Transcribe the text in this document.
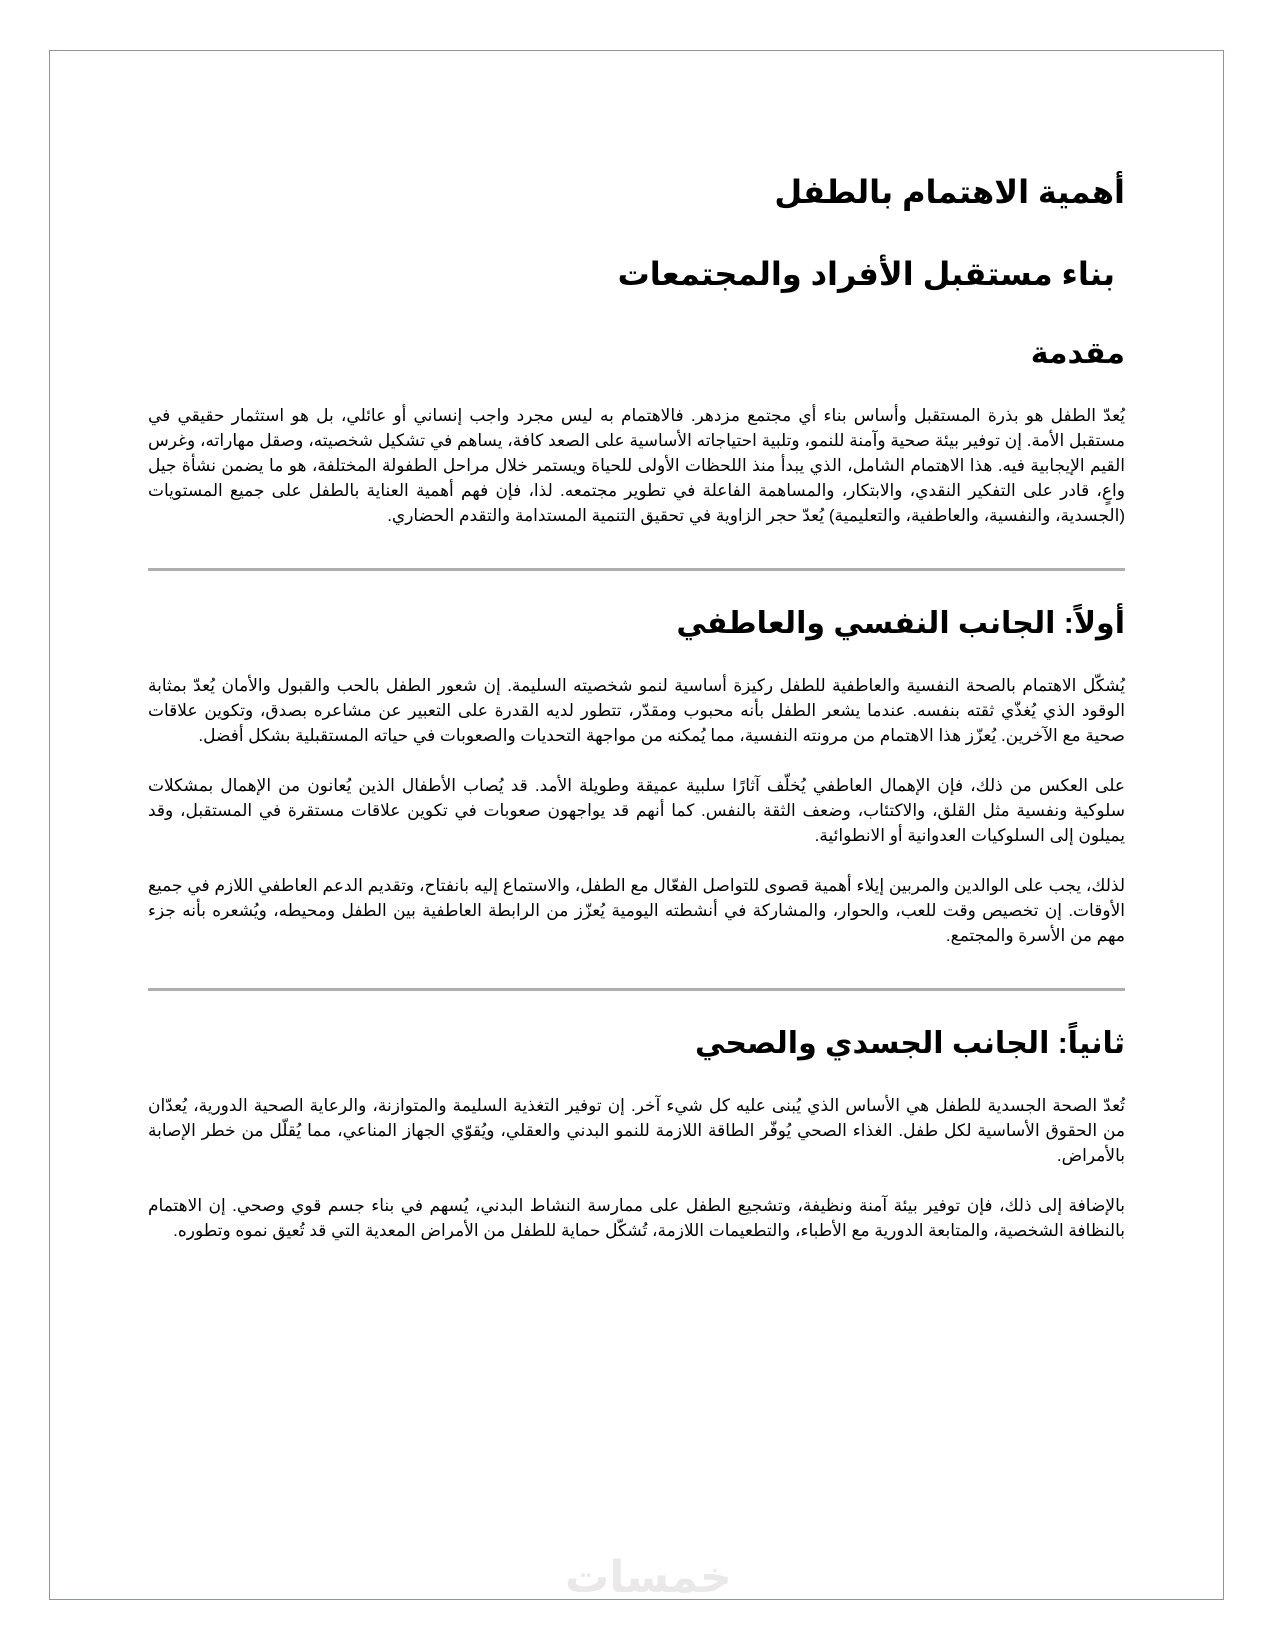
أهمية الاهتمام بالطفل
بناء مستقبل الأفراد والمجتمعات
مقدمة

يُعدّ الطفل هو بذرة المستقبل وأساس بناء أي مجتمع مزدهر. فالاهتمام به ليس مجرد واجب إنساني أو عائلي، بل هو استثمار حقيقي في مستقبل الأمة. إن توفير بيئة صحية وآمنة للنمو، وتلبية احتياجاته الأساسية على الصعد كافة، يساهم في تشكيل شخصيته، وصقل مهاراته، وغرس القيم الإيجابية فيه. هذا الاهتمام الشامل، الذي يبدأ منذ اللحظات الأولى للحياة ويستمر خلال مراحل الطفولة المختلفة، هو ما يضمن نشأة جيل واعٍ، قادر على التفكير النقدي، والابتكار، والمساهمة الفاعلة في تطوير مجتمعه. لذا، فإن فهم أهمية العناية بالطفل على جميع المستويات (الجسدية، والنفسية، والعاطفية، والتعليمية) يُعدّ حجر الزاوية في تحقيق التنمية المستدامة والتقدم الحضاري.

أولاً: الجانب النفسي والعاطفي

يُشكّل الاهتمام بالصحة النفسية والعاطفية للطفل ركيزة أساسية لنمو شخصيته السليمة. إن شعور الطفل بالحب والقبول والأمان يُعدّ بمثابة الوقود الذي يُغذّي ثقته بنفسه. عندما يشعر الطفل بأنه محبوب ومقدّر، تتطور لديه القدرة على التعبير عن مشاعره بصدق، وتكوين علاقات صحية مع الآخرين. يُعزّز هذا الاهتمام من مرونته النفسية، مما يُمكنه من مواجهة التحديات والصعوبات في حياته المستقبلية بشكل أفضل.

على العكس من ذلك، فإن الإهمال العاطفي يُخلّف آثارًا سلبية عميقة وطويلة الأمد. قد يُصاب الأطفال الذين يُعانون من الإهمال بمشكلات سلوكية ونفسية مثل القلق، والاكتئاب، وضعف الثقة بالنفس. كما أنهم قد يواجهون صعوبات في تكوين علاقات مستقرة في المستقبل، وقد يميلون إلى السلوكيات العدوانية أو الانطوائية.

لذلك، يجب على الوالدين والمربين إيلاء أهمية قصوى للتواصل الفعّال مع الطفل، والاستماع إليه بانفتاح، وتقديم الدعم العاطفي اللازم في جميع الأوقات. إن تخصيص وقت للعب، والحوار، والمشاركة في أنشطته اليومية يُعزّز من الرابطة العاطفية بين الطفل ومحيطه، ويُشعره بأنه جزء مهم من الأسرة والمجتمع.

ثانياً: الجانب الجسدي والصحي

تُعدّ الصحة الجسدية للطفل هي الأساس الذي يُبنى عليه كل شيء آخر. إن توفير التغذية السليمة والمتوازنة، والرعاية الصحية الدورية، يُعدّان من الحقوق الأساسية لكل طفل. الغذاء الصحي يُوفّر الطاقة اللازمة للنمو البدني والعقلي، ويُقوّي الجهاز المناعي، مما يُقلّل من خطر الإصابة بالأمراض.

بالإضافة إلى ذلك، فإن توفير بيئة آمنة ونظيفة، وتشجيع الطفل على ممارسة النشاط البدني، يُسهم في بناء جسم قوي وصحي. إن الاهتمام بالنظافة الشخصية، والمتابعة الدورية مع الأطباء، والتطعيمات اللازمة، تُشكّل حماية للطفل من الأمراض المعدية التي قد تُعيق نموه وتطوره.

خمسات
